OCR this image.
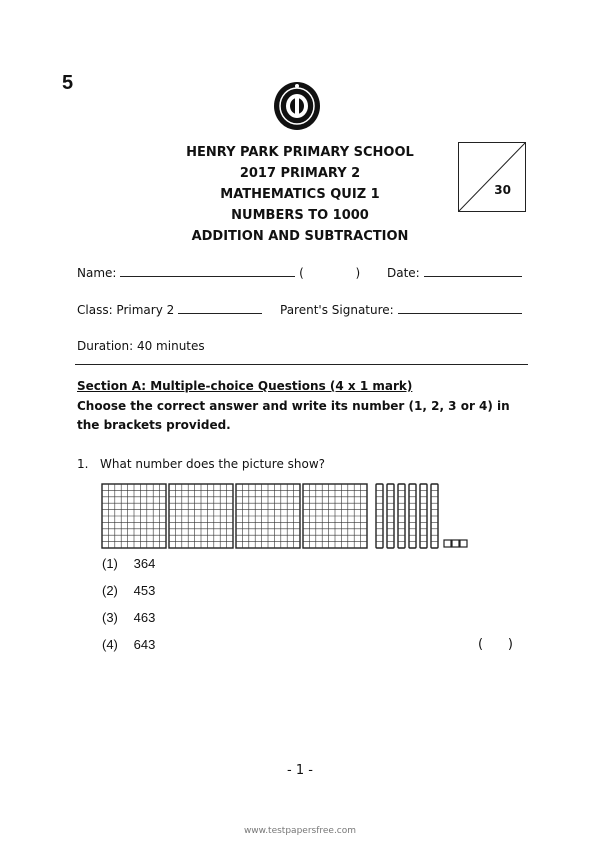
5
HENRY PARK PRIMARY SCHOOL
2017 PRIMARY 2
MATHEMATICS QUIZ 1
NUMBERS TO 1000
ADDITION AND SUBTRACTION
30
Name:	(	) Date:
Class: Primary 2	Parent's Signature:
Duration: 40 minutes
Section A: Multiple-choice Questions (4 x 1 mark)
Choose the correct answer and write its number (1, 2, 3 or 4) in the brackets provided.
1. What number does the picture show?
(1) 364
(2) 453
(3) 463
(4) 643	(      )
- 1 -
www.testpapersfree.com
